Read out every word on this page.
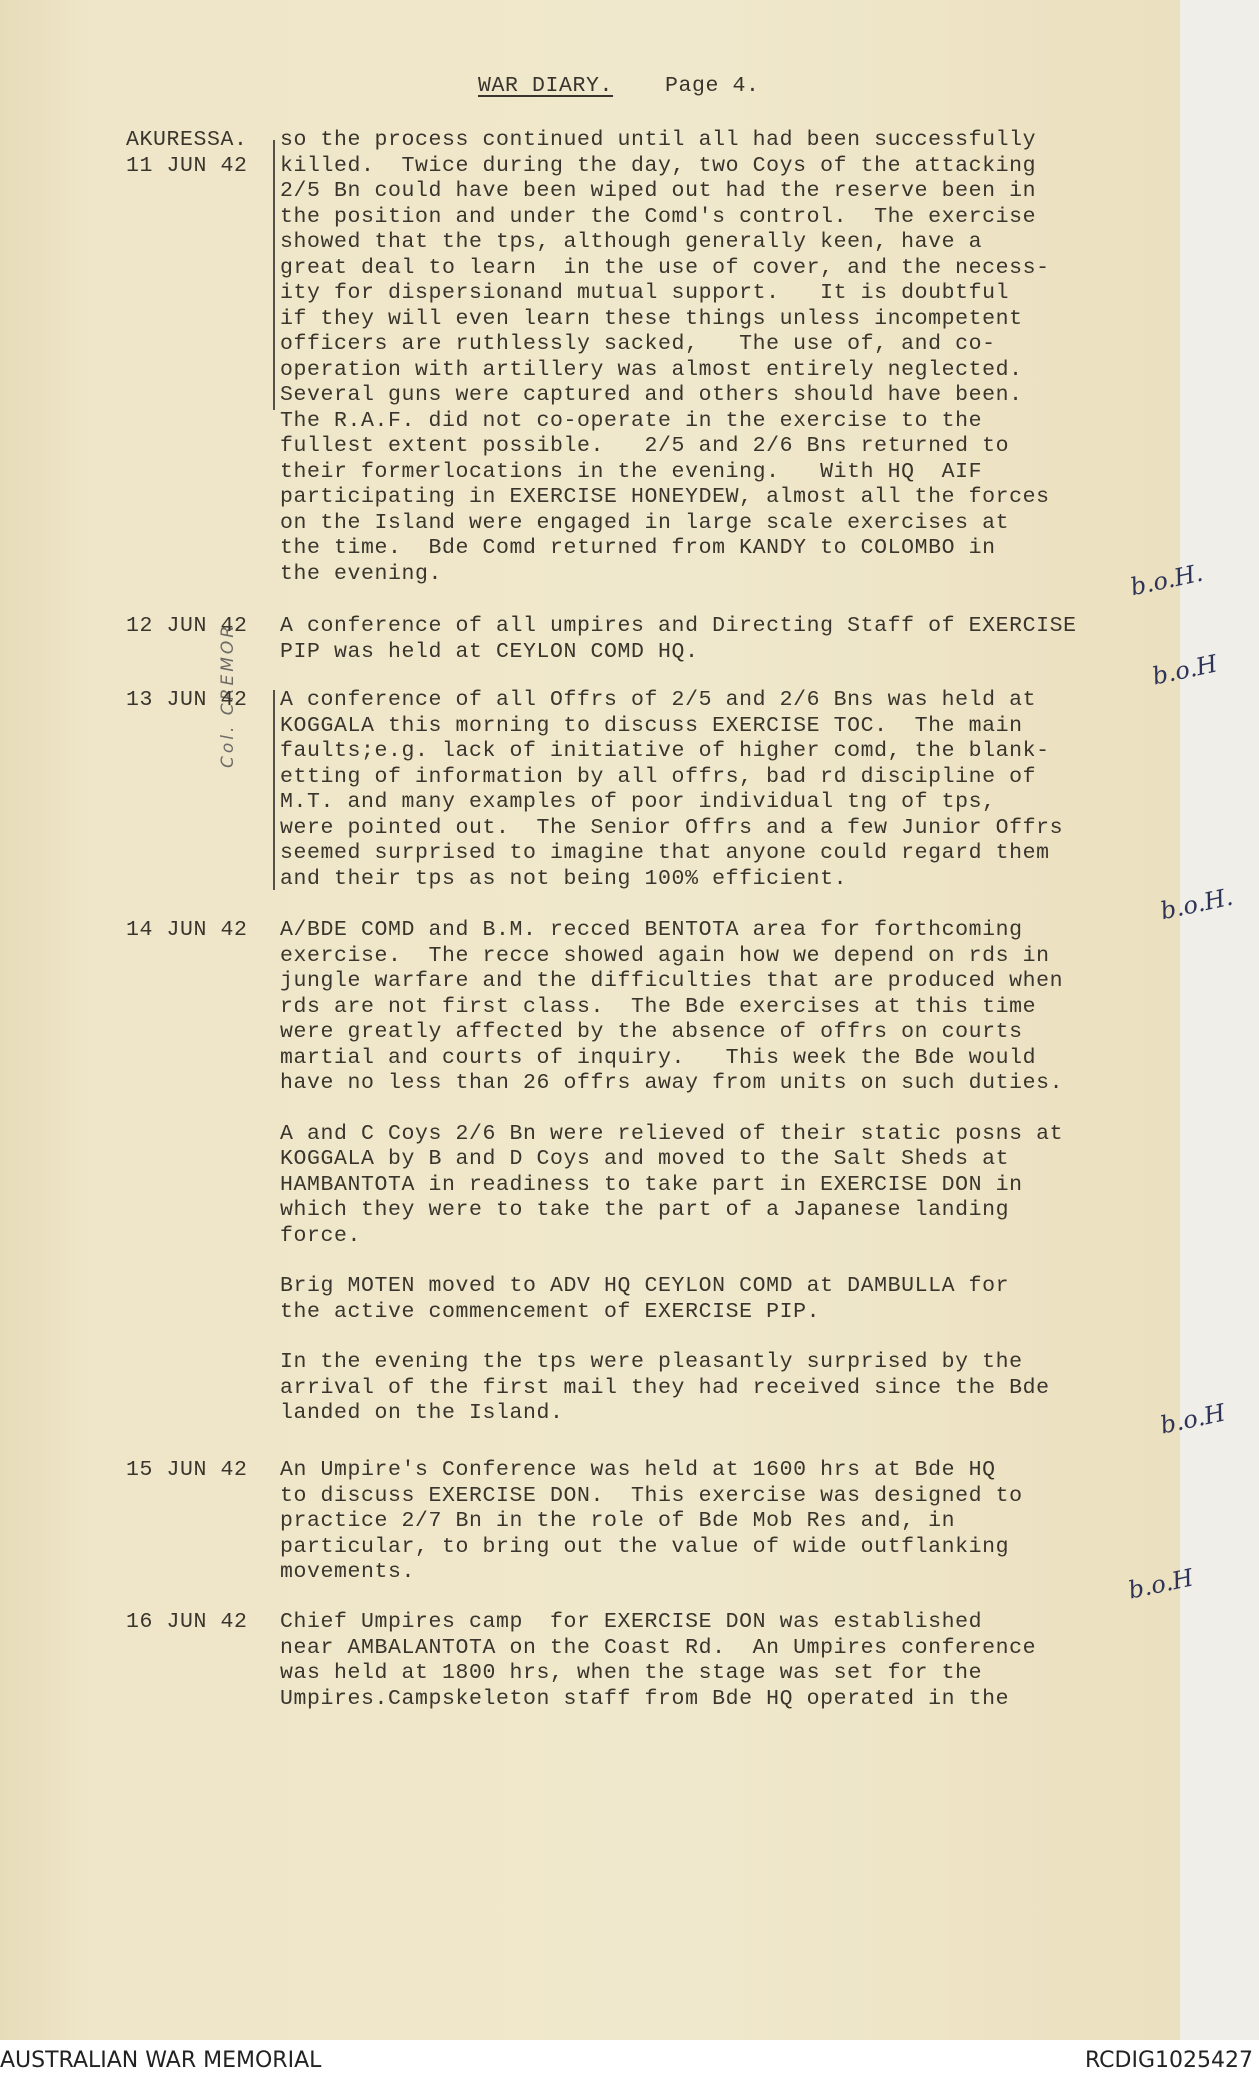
WAR DIARY. Page 4.
Col. CREMOR
AKURESSA.
11 JUN 42

so the process continued until all had been successfully
killed.  Twice during the day, two Coys of the attacking
2/5 Bn could have been wiped out had the reserve been in
the position and under the Comd's control.  The exercise
showed that the tps, although generally keen, have a
great deal to learn  in the use of cover, and the necess-
ity for dispersionand mutual support.   It is doubtful
if they will even learn these things unless incompetent
officers are ruthlessly sacked,   The use of, and co-
operation with artillery was almost entirely neglected.
Several guns were captured and others should have been.
The R.A.F. did not co-operate in the exercise to the
fullest extent possible.   2/5 and 2/6 Bns returned to
their formerlocations in the evening.   With HQ  AIF
participating in EXERCISE HONEYDEW, almost all the forces
on the Island were engaged in large scale exercises at
the time.  Bde Comd returned from KANDY to COLOMBO in
the evening.

12 JUN 42 A conference of all umpires and Directing Staff of EXERCISE
PIP was held at CEYLON COMD HQ.

13 JUN 42 A conference of all Offrs of 2/5 and 2/6 Bns was held at
KOGGALA this morning to discuss EXERCISE TOC.  The main
faults;e.g. lack of initiative of higher comd, the blank-
etting of information by all offrs, bad rd discipline of
M.T. and many examples of poor individual tng of tps,
were pointed out.  The Senior Offrs and a few Junior Offrs
seemed surprised to imagine that anyone could regard them
and their tps as not being 100% efficient.

14 JUN 42 A/BDE COMD and B.M. recced BENTOTA area for forthcoming
exercise.  The recce showed again how we depend on rds in
jungle warfare and the difficulties that are produced when
rds are not first class.  The Bde exercises at this time
were greatly affected by the absence of offrs on courts
martial and courts of inquiry.   This week the Bde would
have no less than 26 offrs away from units on such duties.

A and C Coys 2/6 Bn were relieved of their static posns at
KOGGALA by B and D Coys and moved to the Salt Sheds at
HAMBANTOTA in readiness to take part in EXERCISE DON in
which they were to take the part of a Japanese landing
force.

Brig MOTEN moved to ADV HQ CEYLON COMD at DAMBULLA for
the active commencement of EXERCISE PIP.

In the evening the tps were pleasantly surprised by the
arrival of the first mail they had received since the Bde
landed on the Island.

15 JUN 42 An Umpire's Conference was held at 1600 hrs at Bde HQ
to discuss EXERCISE DON.  This exercise was designed to
practice 2/7 Bn in the role of Bde Mob Res and, in
particular, to bring out the value of wide outflanking
movements.

16 JUN 42 Chief Umpires camp  for EXERCISE DON was established
near AMBALANTOTA on the Coast Rd.  An Umpires conference
was held at 1800 hrs, when the stage was set for the
Umpires.Campskeleton staff from Bde HQ operated in the

b.o.H.
b.o.H
b.o.H.
b.o.H
b.o.H
AUSTRALIAN WAR MEMORIAL	RCDIG1025427
